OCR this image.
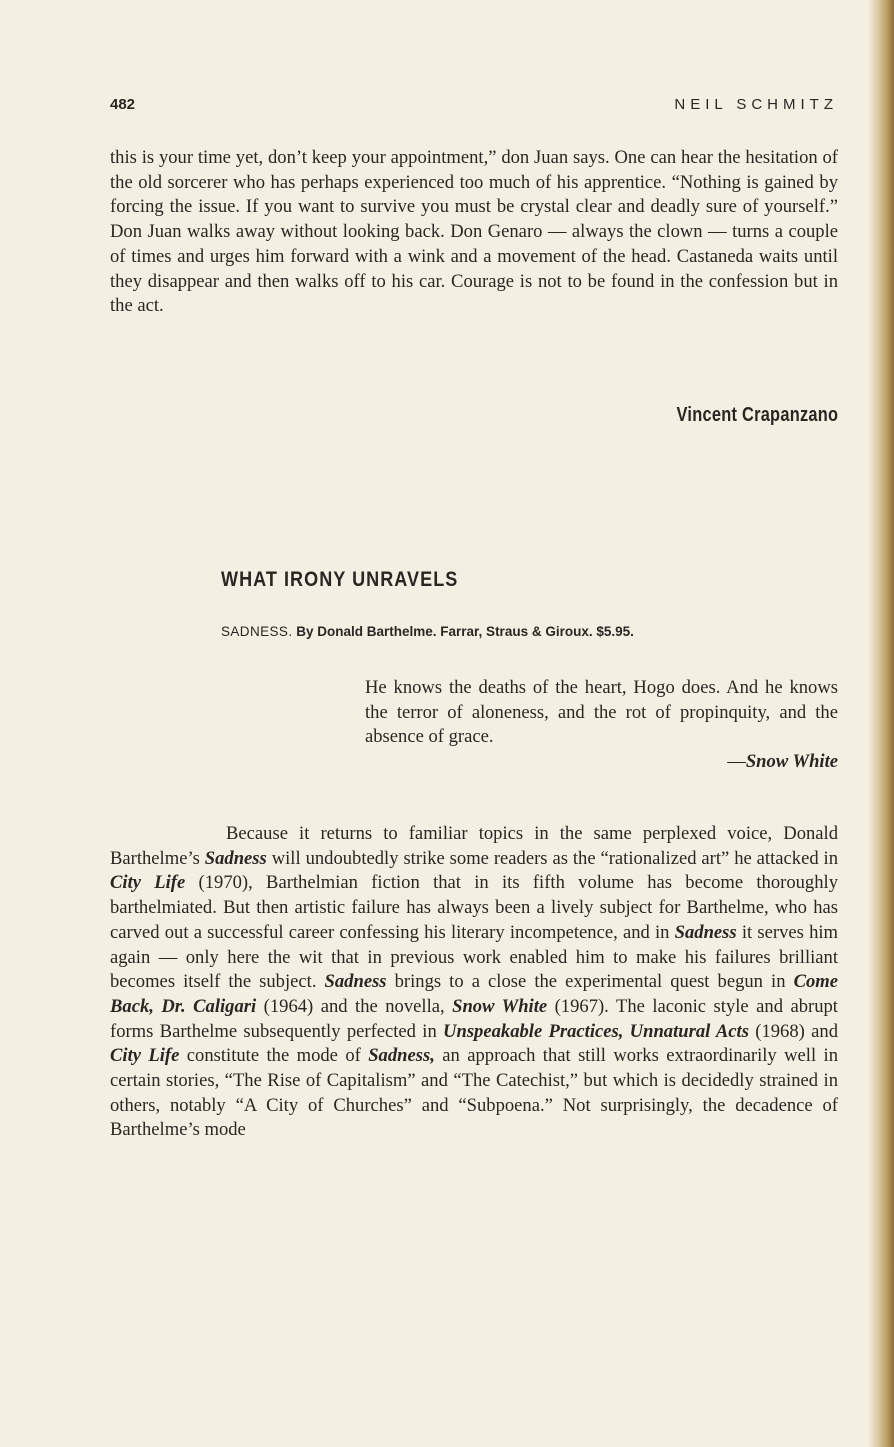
482	NEIL SCHMITZ

this is your time yet, don’t keep your appointment,” don Juan says. One can hear the hesitation of the old sorcerer who has perhaps experienced too much of his apprentice. “Nothing is gained by forcing the issue. If you want to survive you must be crystal clear and deadly sure of yourself.” Don Juan walks away without looking back. Don Genaro — always the clown — turns a couple of times and urges him forward with a wink and a movement of the head. Castaneda waits until they disappear and then walks off to his car. Courage is not to be found in the confession but in the act.

Vincent Crapanzano
WHAT IRONY UNRAVELS
SADNESS. By Donald Barthelme. Farrar, Straus & Giroux. $5.95.

He knows the deaths of the heart, Hogo does. And he knows the terror of aloneness, and the rot of propinquity, and the absence of grace.

—Snow White

Because it returns to familiar topics in the same perplexed voice, Donald Barthelme’s Sadness will undoubtedly strike some readers as the “rationalized art” he attacked in City Life (1970), Barthelmian fiction that in its fifth volume has become thoroughly barthelmiated. But then artistic failure has always been a lively subject for Barthelme, who has carved out a successful career confessing his literary incompetence, and in Sadness it serves him again — only here the wit that in previous work enabled him to make his failures brilliant becomes itself the subject. Sadness brings to a close the experimental quest begun in Come Back, Dr. Caligari (1964) and the novella, Snow White (1967). The laconic style and abrupt forms Barthelme subsequently perfected in Unspeakable Practices, Unnatural Acts (1968) and City Life constitute the mode of Sadness, an approach that still works extraordinarily well in certain stories, “The Rise of Capitalism” and “The Catechist,” but which is decidedly strained in others, notably “A City of Churches” and “Subpoena.” Not surprisingly, the decadence of Barthelme’s mode
